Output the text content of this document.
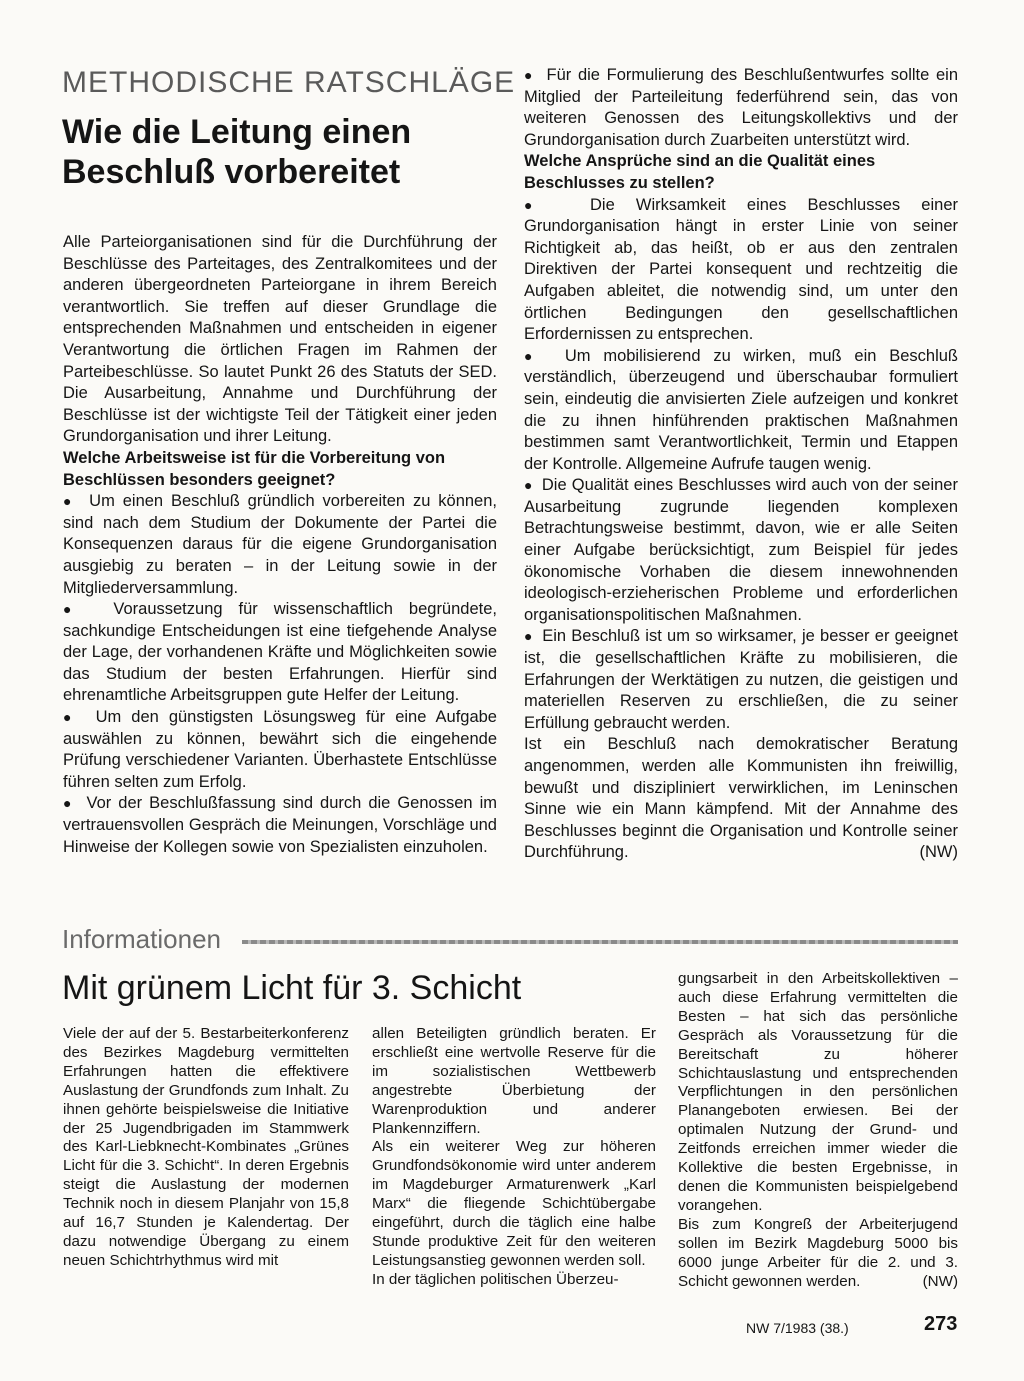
METHODISCHE RATSCHLÄGE
Wie die Leitung einen Beschluß vorbereitet

Alle Parteiorganisationen sind für die Durchführung der Beschlüsse des Parteitages, des Zentralkomitees und der anderen übergeordneten Parteiorgane in ihrem Bereich verantwortlich. Sie treffen auf dieser Grundlage die entsprechenden Maßnahmen und entscheiden in eigener Verantwortung die örtlichen Fragen im Rahmen der Parteibeschlüsse. So lautet Punkt 26 des Statuts der SED. Die Ausarbeitung, Annahme und Durchführung der Beschlüsse ist der wichtigste Teil der Tätigkeit einer jeden Grundorganisation und ihrer Leitung.

Welche Arbeitsweise ist für die Vorbereitung von Beschlüssen besonders geeignet?

●  Um einen Beschluß gründlich vorbereiten zu können, sind nach dem Studium der Dokumente der Partei die Konsequenzen daraus für die eigene Grundorganisation ausgiebig zu beraten – in der Leitung sowie in der Mitgliederversammlung.

●  Voraussetzung für wissenschaftlich begründete, sachkundige Entscheidungen ist eine tiefgehende Analyse der Lage, der vorhandenen Kräfte und Möglichkeiten sowie das Studium der besten Erfahrungen. Hierfür sind ehrenamtliche Arbeitsgruppen gute Helfer der Leitung.

●  Um den günstigsten Lösungsweg für eine Aufgabe auswählen zu können, bewährt sich die eingehende Prüfung verschiedener Varianten. Überhastete Entschlüsse führen selten zum Erfolg.

●  Vor der Beschlußfassung sind durch die Genossen im vertrauensvollen Gespräch die Meinungen, Vorschläge und Hinweise der Kollegen sowie von Spezialisten einzuholen.

●  Für die Formulierung des Beschlußentwurfes sollte ein Mitglied der Parteileitung federführend sein, das von weiteren Genossen des Leitungskollektivs und der Grundorganisation durch Zuarbeiten unterstützt wird.

Welche Ansprüche sind an die Qualität eines Beschlusses zu stellen?

●  Die Wirksamkeit eines Beschlusses einer Grundorganisation hängt in erster Linie von seiner Richtigkeit ab, das heißt, ob er aus den zentralen Direktiven der Partei konsequent und rechtzeitig die Aufgaben ableitet, die notwendig sind, um unter den örtlichen Bedingungen den gesellschaftlichen Erfordernissen zu entsprechen.

●  Um mobilisierend zu wirken, muß ein Beschluß verständlich, überzeugend und überschaubar formuliert sein, eindeutig die anvisierten Ziele aufzeigen und konkret die zu ihnen hinführenden praktischen Maßnahmen bestimmen samt Verantwortlichkeit, Termin und Etappen der Kontrolle. Allgemeine Aufrufe taugen wenig.

●  Die Qualität eines Beschlusses wird auch von der seiner Ausarbeitung zugrunde liegenden komplexen Betrachtungsweise bestimmt, davon, wie er alle Seiten einer Aufgabe berücksichtigt, zum Beispiel für jedes ökonomische Vorhaben die diesem innewohnenden ideologisch-erzieherischen Probleme und erforderlichen organisationspolitischen Maßnahmen.

●  Ein Beschluß ist um so wirksamer, je besser er geeignet ist, die gesellschaftlichen Kräfte zu mobilisieren, die Erfahrungen der Werktätigen zu nutzen, die geistigen und materiellen Reserven zu erschließen, die zu seiner Erfüllung gebraucht werden.

Ist ein Beschluß nach demokratischer Beratung angenommen, werden alle Kommunisten ihn freiwillig, bewußt und diszipliniert verwirklichen, im Leninschen Sinne wie ein Mann kämpfend. Mit der Annahme des Beschlusses beginnt die Organisation und Kontrolle seiner Durchführung.	(NW)

Informationen
Mit grünem Licht für 3. Schicht

Viele der auf der 5. Bestarbeiterkonferenz des Bezirkes Magdeburg vermittelten Erfahrungen hatten die effektivere Auslastung der Grundfonds zum Inhalt. Zu ihnen gehörte beispielsweise die Initiative der 25 Jugendbrigaden im Stammwerk des Karl-Liebknecht-Kombinates „Grünes Licht für die 3. Schicht“. In deren Ergebnis steigt die Auslastung der modernen Technik noch in diesem Planjahr von 15,8 auf 16,7 Stunden je Kalendertag. Der dazu notwendige Übergang zu einem neuen Schichtrhythmus wird mit

allen Beteiligten gründlich beraten. Er erschließt eine wertvolle Reserve für die im sozialistischen Wettbewerb angestrebte Überbietung der Warenproduktion und anderer Plankennziffern.

Als ein weiterer Weg zur höheren Grundfondsökonomie wird unter anderem im Magdeburger Armaturenwerk „Karl Marx“ die fliegende Schichtübergabe eingeführt, durch die täglich eine halbe Stunde produktive Zeit für den weiteren Leistungsanstieg gewonnen werden soll.

In der täglichen politischen Überzeu-

gungsarbeit in den Arbeitskollektiven – auch diese Erfahrung vermittelten die Besten – hat sich das persönliche Gespräch als Voraussetzung für die Bereitschaft zu höherer Schichtauslastung und entsprechenden Verpflichtungen in den persönlichen Planangeboten erwiesen. Bei der optimalen Nutzung der Grund- und Zeitfonds erreichen immer wieder die Kollektive die besten Ergebnisse, in denen die Kommunisten beispielgebend vorangehen.

Bis zum Kongreß der Arbeiterjugend sollen im Bezirk Magdeburg 5000 bis 6000 junge Arbeiter für die 2. und 3. Schicht gewonnen werden.	(NW)

NW 7/1983 (38.)	273
